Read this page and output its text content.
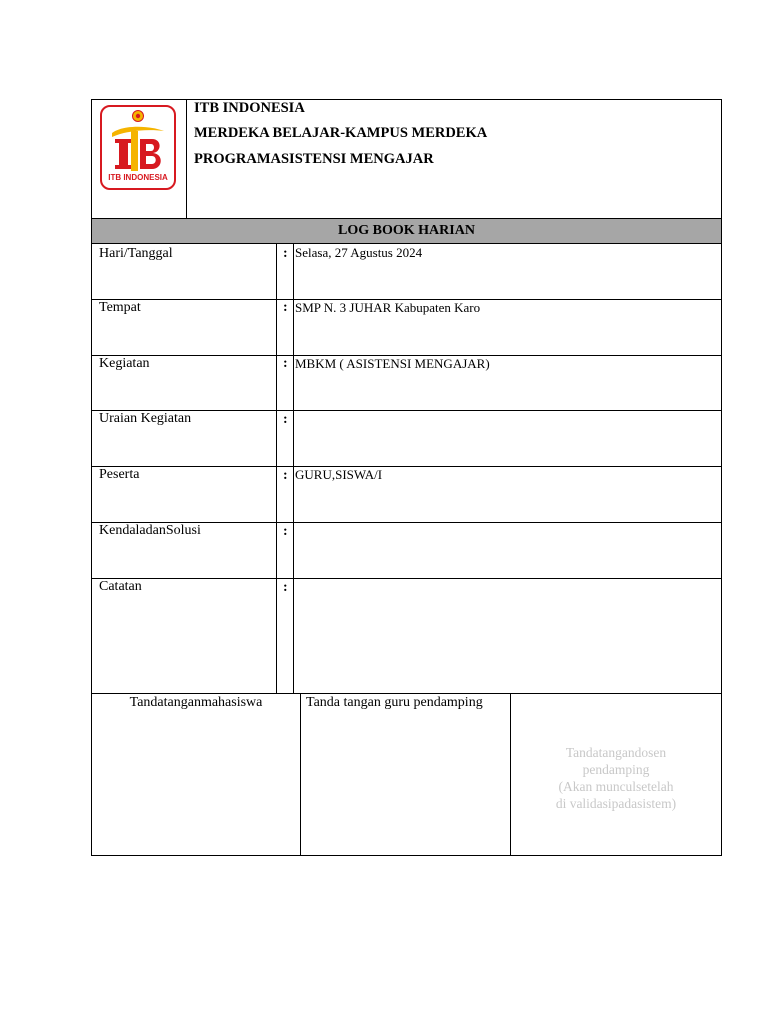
ITB INDONESIA
ITB INDONESIA
MERDEKA BELAJAR-KAMPUS MERDEKA
PROGRAMASISTENSI MENGAJAR
LOG BOOK HARIAN
Hari/Tanggal	: Selasa, 27 Agustus 2024
Tempat	: SMP N. 3 JUHAR Kabupaten Karo
Kegiatan	: MBKM ( ASISTENSI MENGAJAR)
Uraian Kegiatan	:
Peserta	: GURU,SISWA/I
KendaladanSolusi	:
Catatan	:
Tandatanganmahasiswa	Tanda tangan guru pendamping
Tandatangandosen
pendamping
(Akan munculsetelah
di validasipadasistem)
